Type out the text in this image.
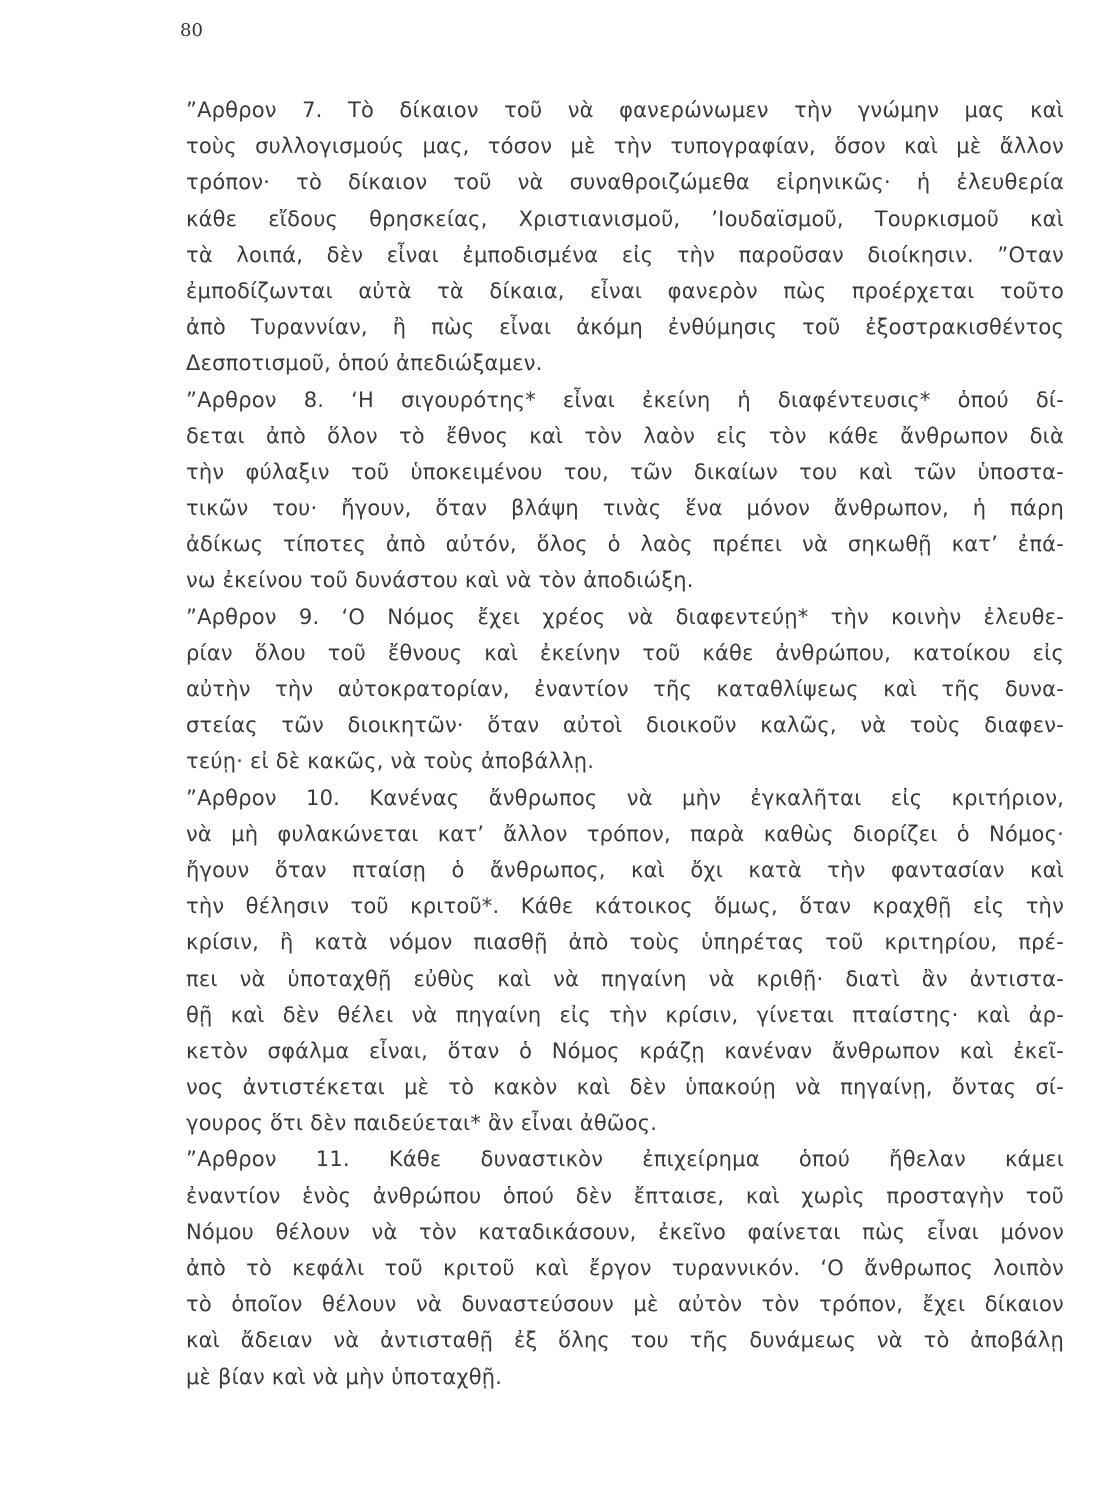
80
”Αρθρον 7. Τὸ δίκαιον τοῦ νὰ φανερώνωμεν τὴν γνώμην μας καὶ
τοὺς συλλογισμούς μας, τόσον μὲ τὴν τυπογραφίαν, ὅσον καὶ μὲ ἄλλον
τρόπον· τὸ δίκαιον τοῦ νὰ συναθροιζώμεθα εἰρηνικῶς· ἡ ἐλευθερία
κάθε εἴδους θρησκείας, Χριστιανισμοῦ, ’Ιουδαϊσμοῦ, Τουρκισμοῦ καὶ
τὰ λοιπά, δὲν εἶναι ἐμποδισμένα εἰς τὴν παροῦσαν διοίκησιν. ”Οταν
ἐμποδίζωνται αὐτὰ τὰ δίκαια, εἶναι φανερὸν πὼς προέρχεται τοῦτο
ἀπὸ Τυραννίαν, ἢ πὼς εἶναι ἀκόμη ἐνθύμησις τοῦ ἐξοστρακισθέντος
Δεσποτισμοῦ, ὁπού ἀπεδιώξαμεν.
”Αρθρον 8. ‘Η σιγουρότης* εἶναι ἐκείνη ἡ διαφέντευσις* ὁπού δί-
δεται ἀπὸ ὅλον τὸ ἔθνος καὶ τὸν λαὸν εἰς τὸν κάθε ἄνθρωπον διὰ
τὴν φύλαξιν τοῦ ὑποκειμένου του, τῶν δικαίων του καὶ τῶν ὑποστα-
τικῶν του· ἤγουν, ὅταν βλάψη τινὰς ἕνα μόνον ἄνθρωπον, ἡ πάρη
ἀδίκως τίποτες ἀπὸ αὐτόν, ὅλος ὁ λαὸς πρέπει νὰ σηκωθῇ κατ’ ἐπά-
νω ἐκείνου τοῦ δυνάστου καὶ νὰ τὸν ἀποδιώξη.
”Αρθρον 9. ‘Ο Νόμος ἔχει χρέος νὰ διαφεντεύῃ* τὴν κοινὴν ἐλευθε-
ρίαν ὅλου τοῦ ἔθνους καὶ ἐκείνην τοῦ κάθε ἀνθρώπου, κατοίκου εἰς
αὐτὴν τὴν αὐτοκρατορίαν, ἐναντίον τῆς καταθλίψεως καὶ τῆς δυνα-
στείας τῶν διοικητῶν· ὅταν αὐτοὶ διοικοῦν καλῶς, νὰ τοὺς διαφεν-
τεύῃ· εἰ δὲ κακῶς, νὰ τοὺς ἀποβάλλῃ.
”Αρθρον 10. Κανένας ἄνθρωπος νὰ μὴν ἐγκαλῆται εἰς κριτήριον,
νὰ μὴ φυλακώνεται κατ’ ἄλλον τρόπον, παρὰ καθὼς διορίζει ὁ Νόμος·
ἤγουν ὅταν πταίσῃ ὁ ἄνθρωπος, καὶ ὄχι κατὰ τὴν φαντασίαν καὶ
τὴν θέλησιν τοῦ κριτοῦ*. Κάθε κάτοικος ὅμως, ὅταν κραχθῇ εἰς τὴν
κρίσιν, ἢ κατὰ νόμον πιασθῇ ἀπὸ τοὺς ὑπηρέτας τοῦ κριτηρίου, πρέ-
πει νὰ ὑποταχθῇ εὐθὺς καὶ νὰ πηγαίνη νὰ κριθῇ· διατὶ ἂν ἀντιστα-
θῇ καὶ δὲν θέλει νὰ πηγαίνη εἰς τὴν κρίσιν, γίνεται πταίστης· καὶ ἀρ-
κετὸν σφάλμα εἶναι, ὅταν ὁ Νόμος κράζῃ κανέναν ἄνθρωπον καὶ ἐκεῖ-
νος ἀντιστέκεται μὲ τὸ κακὸν καὶ δὲν ὑπακούῃ νὰ πηγαίνῃ, ὄντας σί-
γουρος ὅτι δὲν παιδεύεται* ἂν εἶναι ἀθῶος.
”Αρθρον 11. Κάθε δυναστικὸν ἐπιχείρημα ὁπού ἤθελαν κάμει
ἐναντίον ἑνὸς ἀνθρώπου ὁπού δὲν ἔπταισε, καὶ χωρὶς προσταγὴν τοῦ
Νόμου θέλουν νὰ τὸν καταδικάσουν, ἐκεῖνο φαίνεται πὼς εἶναι μόνον
ἀπὸ τὸ κεφάλι τοῦ κριτοῦ καὶ ἔργον τυραννικόν. ‘Ο ἄνθρωπος λοιπὸν
τὸ ὁποῖον θέλουν νὰ δυναστεύσουν μὲ αὐτὸν τὸν τρόπον, ἔχει δίκαιον
καὶ ἄδειαν νὰ ἀντισταθῇ ἐξ ὅλης του τῆς δυνάμεως νὰ τὸ ἀποβάλῃ
μὲ βίαν καὶ νὰ μὴν ὑποταχθῇ.
